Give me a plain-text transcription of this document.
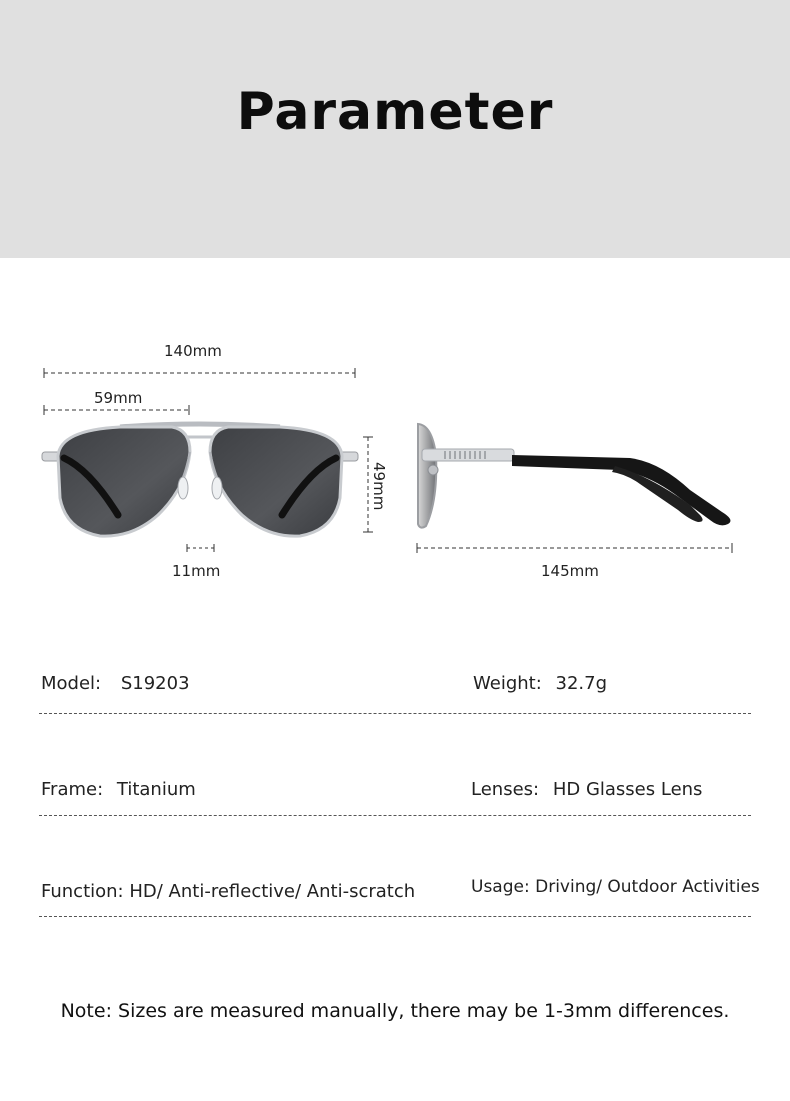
Parameter
140mm
59mm
11mm
49mm
145mm
Model: S19203	Weight: 32.7g
Frame: Titanium	Lenses: HD Glasses Lens
Function: HD/ Anti-reflective/ Anti-scratch	Usage: Driving/ Outdoor Activities
Note: Sizes are measured manually, there may be 1-3mm differences.
